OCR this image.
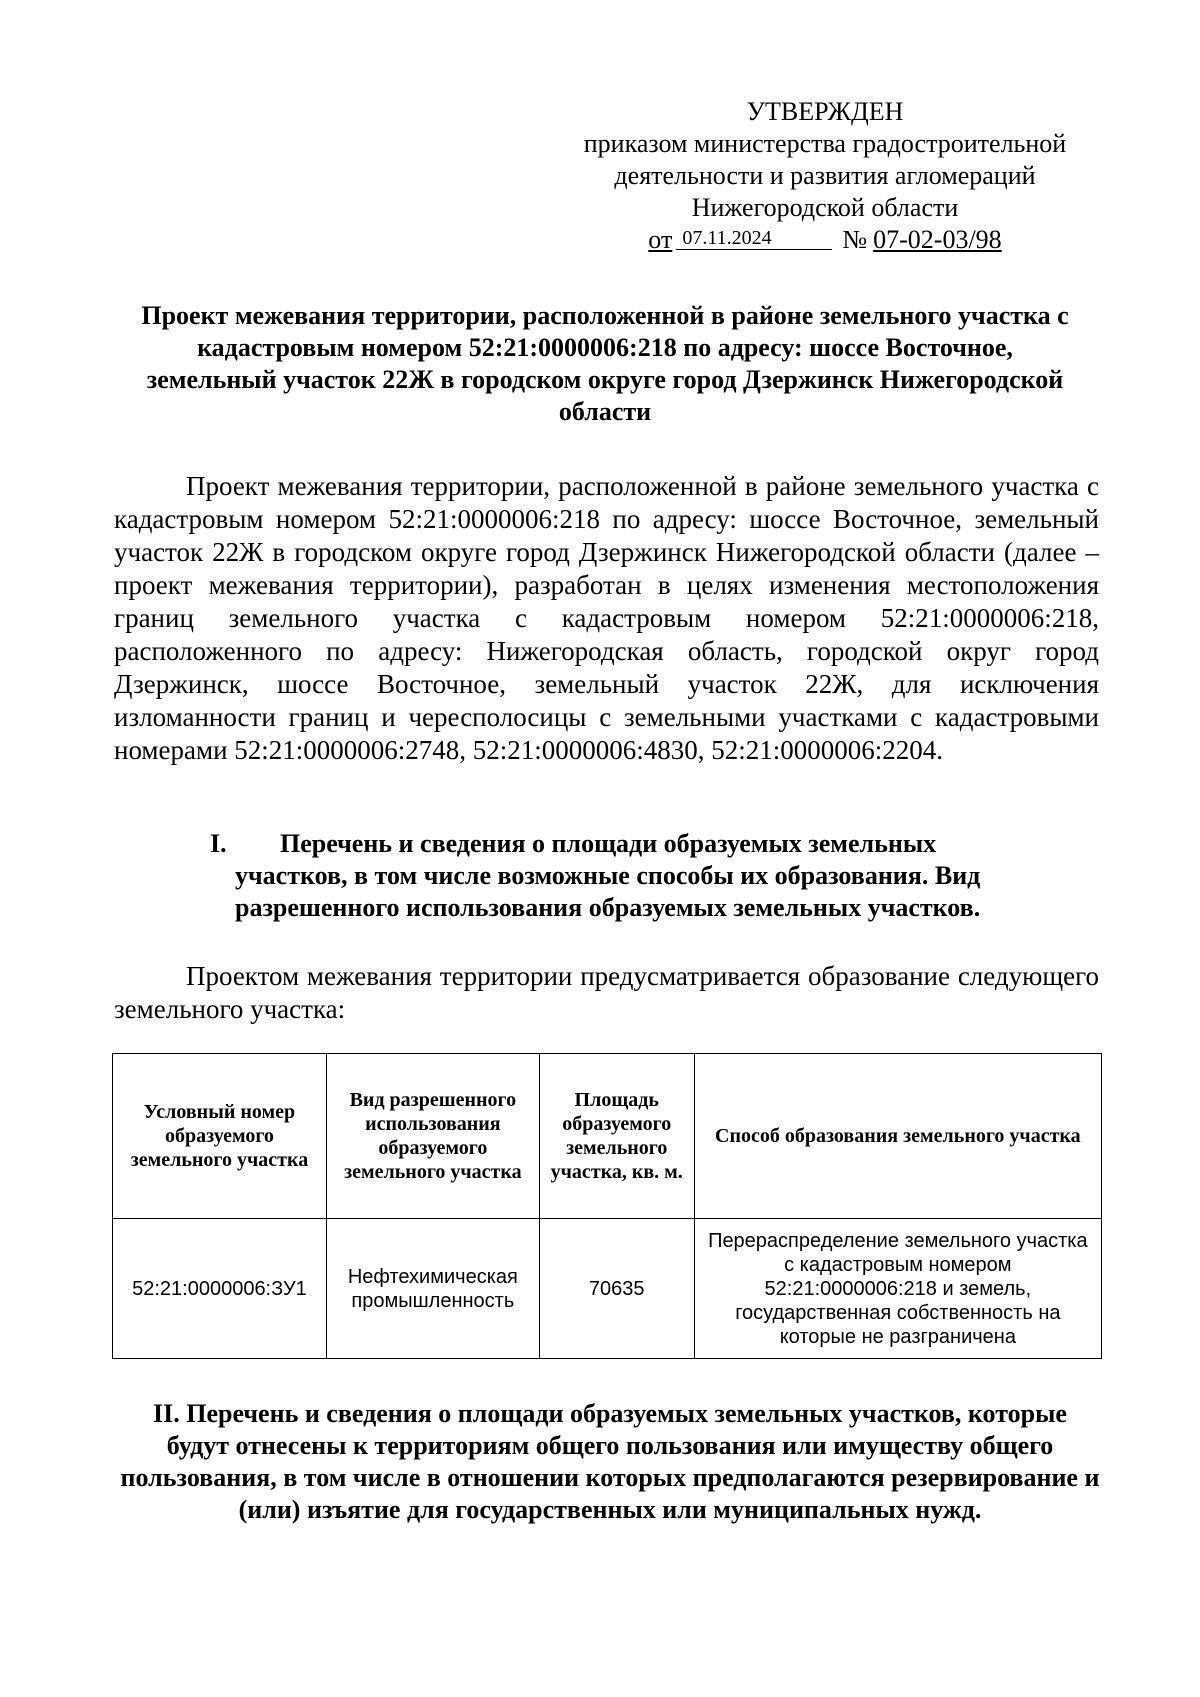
УТВЕРЖДЕН
приказом министерства градостроительной
деятельности и развития агломераций
Нижегородской области
от 07.11.2024	№ 07-02-03/98
Проект межевания территории, расположенной в районе земельного участка с кадастровым номером 52:21:0000006:218 по адресу: шоссе Восточное, земельный участок 22Ж в городском округе город Дзержинск Нижегородской области
Проект межевания территории, расположенной в районе земельного участка с кадастровым номером 52:21:0000006:218 по адресу: шоссе Восточное, земельный участок 22Ж в городском округе город Дзержинск Нижегородской области (далее – проект межевания территории), разработан в целях изменения местоположения границ земельного участка с кадастровым номером 52:21:0000006:218, расположенного по адресу: Нижегородская область, городской округ город Дзержинск, шоссе Восточное, земельный участок 22Ж, для исключения изломанности границ и чересполосицы с земельными участками с кадастровыми номерами 52:21:0000006:2748, 52:21:0000006:4830, 52:21:0000006:2204.
I. Перечень и сведения о площади образуемых земельных
участков, в том числе возможные способы их образования. Вид разрешенного использования образуемых земельных участков.
Проектом межевания территории предусматривается образование следующего земельного участка:
Условный номер образуемого земельного участка	Вид разрешенного использования образуемого земельного участка	Площадь образуемого земельного участка, кв. м.	Способ образования земельного участка
52:21:0000006:ЗУ1	Нефтехимическая промышленность	70635	Перераспределение земельного участка с кадастровым номером 52:21:0000006:218 и земель, государственная собственность на которые не разграничена
II. Перечень и сведения о площади образуемых земельных участков, которые будут отнесены к территориям общего пользования или имуществу общего пользования, в том числе в отношении которых предполагаются резервирование и (или) изъятие для государственных или муниципальных нужд.
